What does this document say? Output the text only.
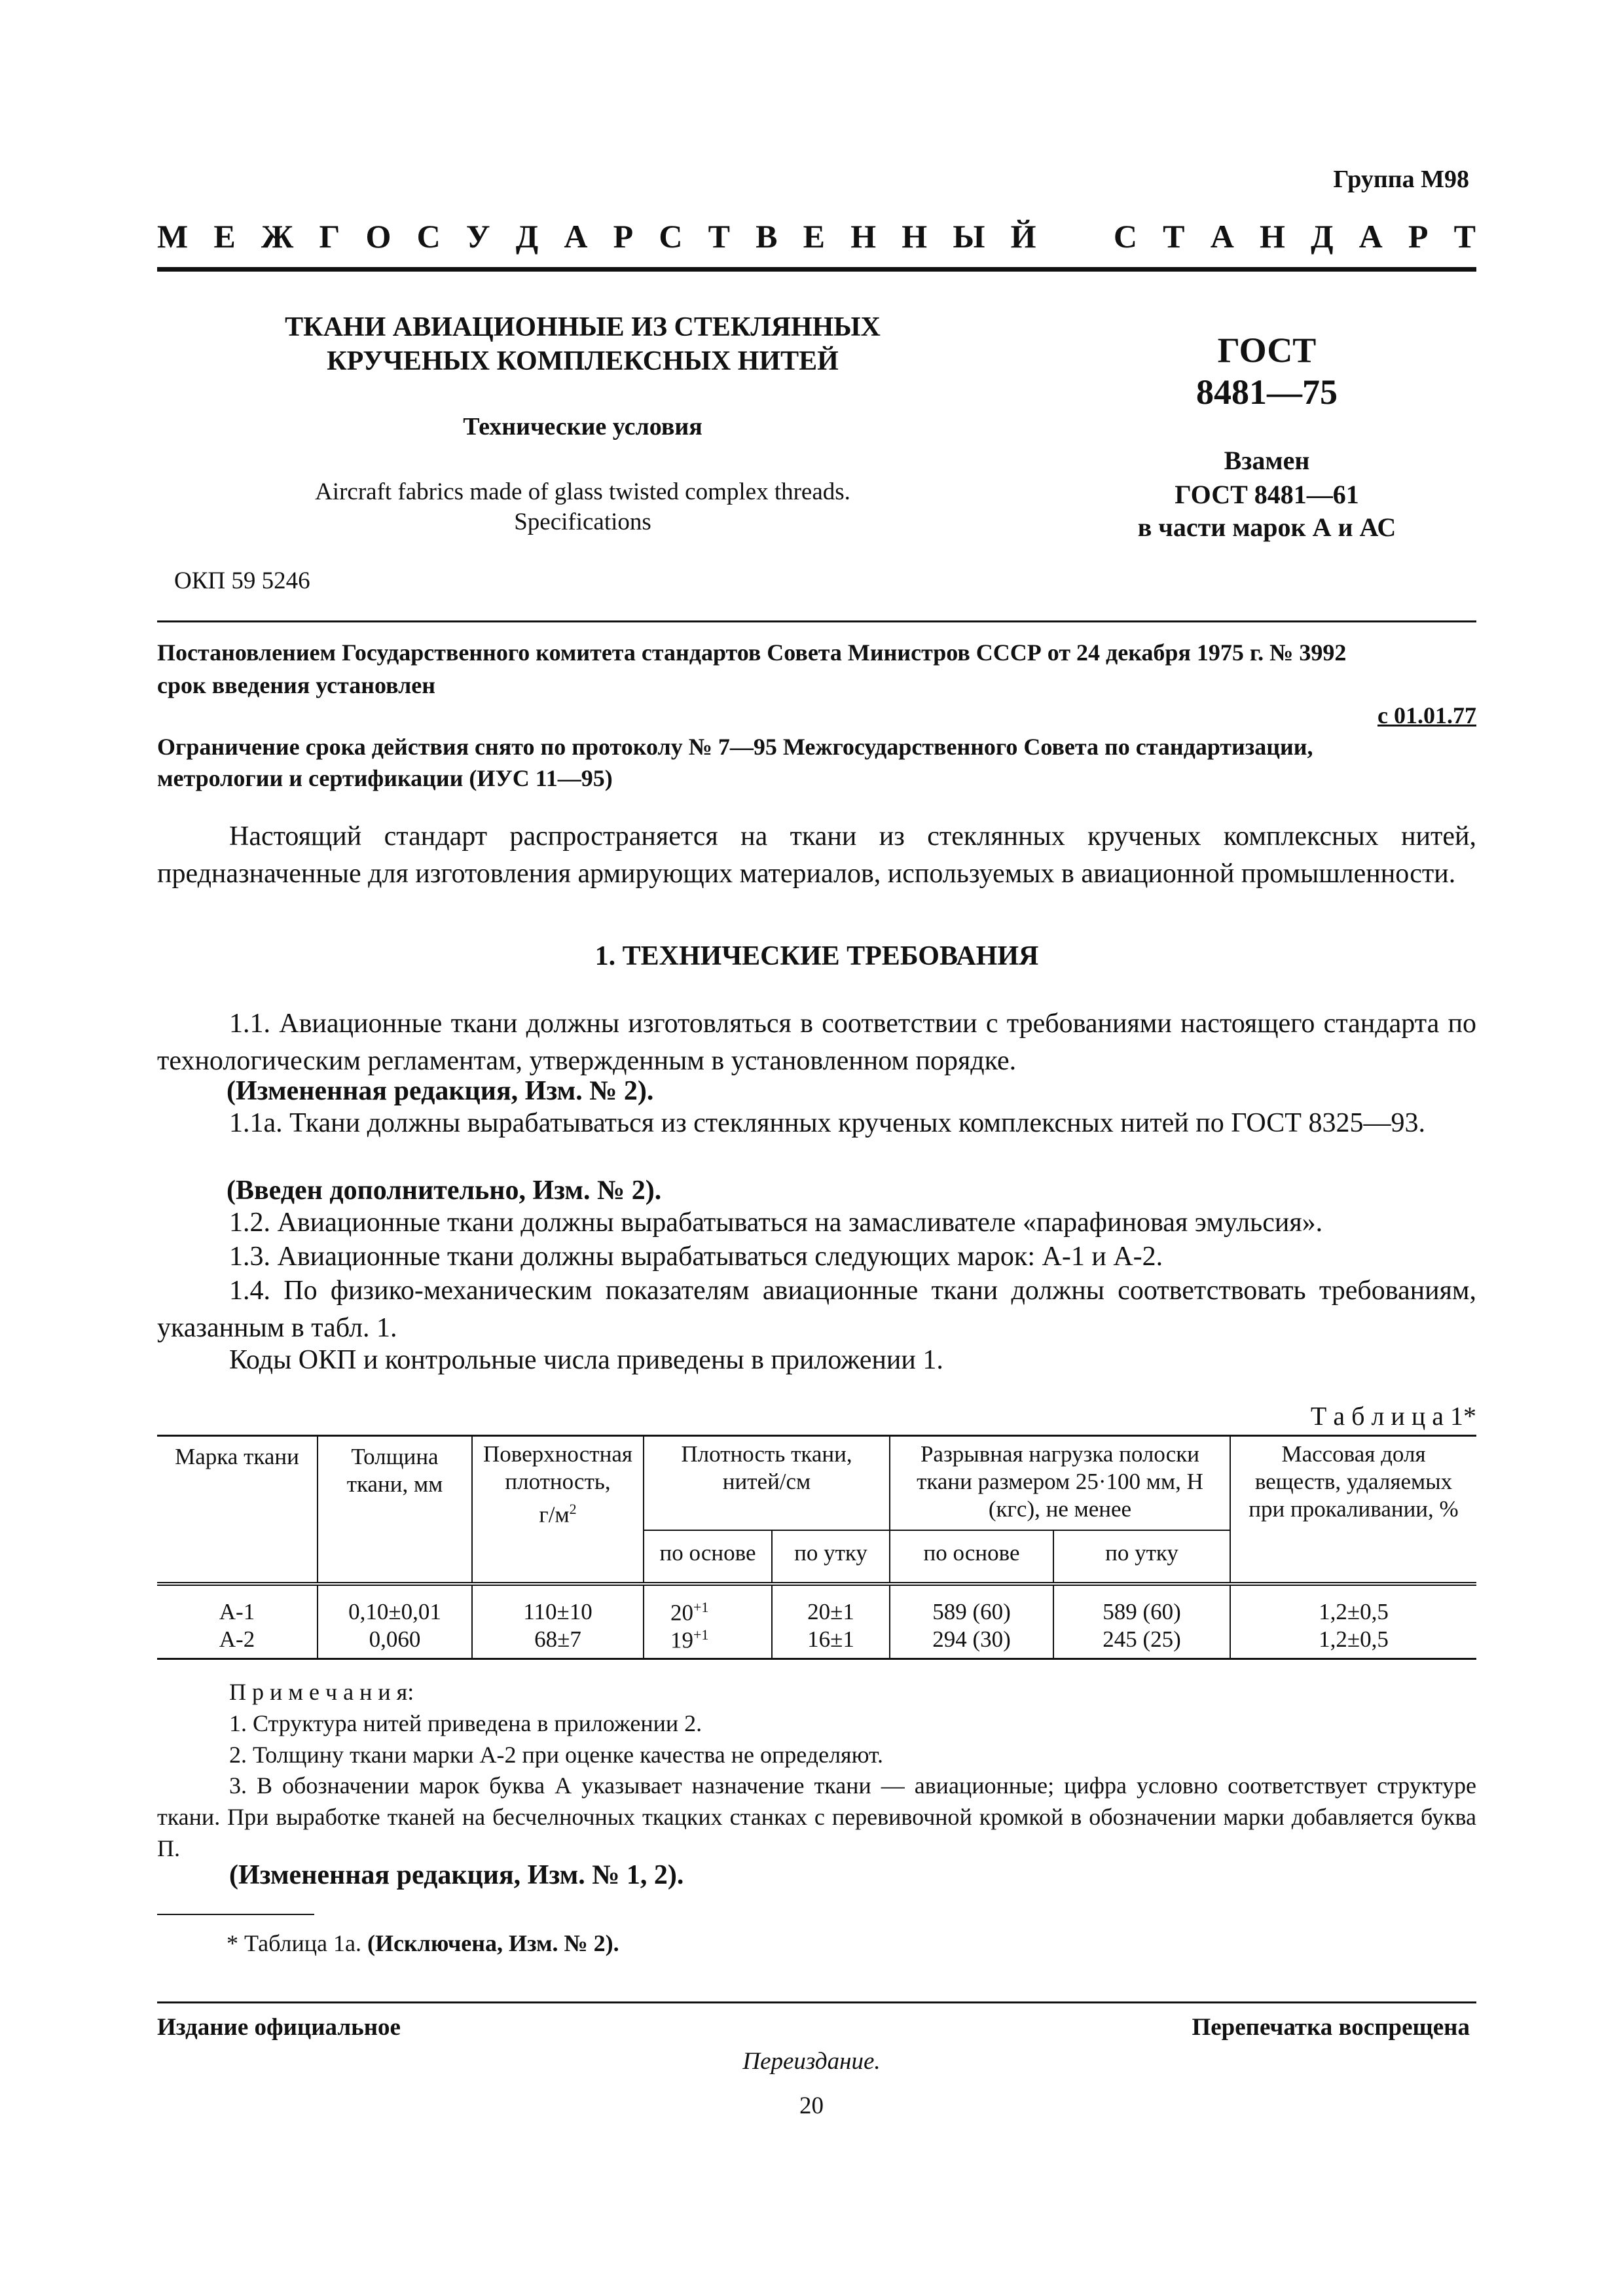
Группа М98
М Е Ж Г О С У Д А Р С Т В Е Н Н Ы Й С Т А Н Д А Р Т
ТКАНИ АВИАЦИОННЫЕ ИЗ СТЕКЛЯННЫХ
КРУЧЕНЫХ КОМПЛЕКСНЫХ НИТЕЙ
Технические условия
Aircraft fabrics made of glass twisted complex threads.
Specifications
ОКП 59 5246
ГОСТ
8481—75
Взамен
ГОСТ 8481—61
в части марок А и АС
Постановлением Государственного комитета стандартов Совета Министров СССР от 24 декабря 1975 г. № 3992
срок введения установлен
с 01.01.77
Ограничение срока действия снято по протоколу № 7—95 Межгосударственного Совета по стандартизации,
метрологии и сертификации (ИУС 11—95)
Настоящий стандарт распространяется на ткани из стеклянных крученых комплексных нитей, предназначенные для изготовления армирующих материалов, используемых в авиационной промышленности.
1. ТЕХНИЧЕСКИЕ ТРЕБОВАНИЯ
1.1. Авиационные ткани должны изготовляться в соответствии с требованиями настоящего стандарта по технологическим регламентам, утвержденным в установленном порядке.
(Измененная редакция, Изм. № 2).
1.1а. Ткани должны вырабатываться из стеклянных крученых комплексных нитей по ГОСТ 8325—93.
(Введен дополнительно, Изм. № 2).
1.2. Авиационные ткани должны вырабатываться на замасливателе «парафиновая эмульсия».
1.3. Авиационные ткани должны вырабатываться следующих марок: А-1 и А-2.
1.4. По физико-механическим показателям авиационные ткани должны соответствовать требованиям, указанным в табл. 1.
Коды ОКП и контрольные числа приведены в приложении 1.
Т а б л и ц а 1*
Марка ткани	Толщина ткани, мм	Поверхностная плотность,
$г/м^2$	Плотность ткани, нитей/см		Разрывная нагрузка полоски ткани размером 25·100 мм, Н (кгс), не менее		Массовая доля веществ, удаляемых при прокаливании, %
			по основе	по утку	по основе	по утку	
А-1	0,10±0,01	110±10	$20^{+1}$	20±1	589 (60)	589 (60)	1,2±0,5
А-2	0,060	68±7	$19^{+1}$	16±1	294 (30)	245 (25)	1,2±0,5
П р и м е ч а н и я:
1. Структура нитей приведена в приложении 2.
2. Толщину ткани марки А-2 при оценке качества не определяют.
3. В обозначении марок буква А указывает назначение ткани — авиационные; цифра условно соответствует структуре ткани. При выработке тканей на бесчелночных ткацких станках с перевивочной кромкой в обозначении марки добавляется буква П.
(Измененная редакция, Изм. № 1, 2).
* Таблица 1а. (Исключена, Изм. № 2).
Издание официальное	Перепечатка воспрещена
Переиздание.
20
